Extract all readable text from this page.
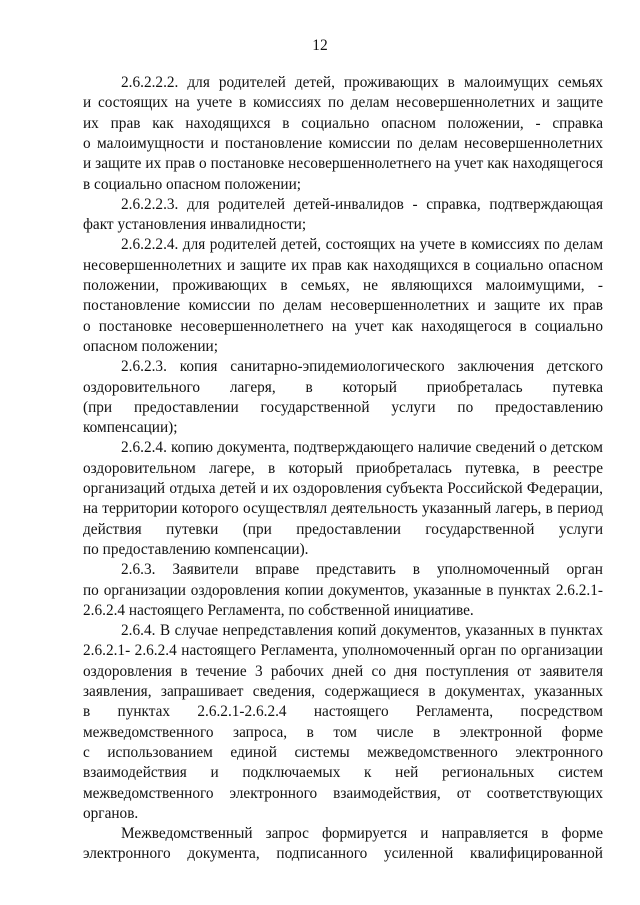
12
2.6.2.2.2. для родителей детей, проживающих в малоимущих семьях
и состоящих на учете в комиссиях по делам несовершеннолетних и защите
их прав как находящихся в социально опасном положении, - справка
о малоимущности и постановление комиссии по делам несовершеннолетних
и защите их прав о постановке несовершеннолетнего на учет как находящегося
в социально опасном положении;
2.6.2.2.3. для родителей детей-инвалидов - справка, подтверждающая
факт установления инвалидности;
2.6.2.2.4. для родителей детей, состоящих на учете в комиссиях по делам
несовершеннолетних и защите их прав как находящихся в социально опасном
положении, проживающих в семьях, не являющихся малоимущими, -
постановление комиссии по делам несовершеннолетних и защите их прав
о постановке несовершеннолетнего на учет как находящегося в социально
опасном положении;
2.6.2.3. копия санитарно-эпидемиологического заключения детского
оздоровительного лагеря, в который приобреталась путевка
(при предоставлении государственной услуги по предоставлению
компенсации);
2.6.2.4. копию документа, подтверждающего наличие сведений о детском
оздоровительном лагере, в который приобреталась путевка, в реестре
организаций отдыха детей и их оздоровления субъекта Российской Федерации,
на территории которого осуществлял деятельность указанный лагерь, в период
действия путевки (при предоставлении государственной услуги
по предоставлению компенсации).
2.6.3. Заявители вправе представить в уполномоченный орган
по организации оздоровления копии документов, указанные в пунктах 2.6.2.1-
2.6.2.4 настоящего Регламента, по собственной инициативе.
2.6.4. В случае непредставления копий документов, указанных в пунктах
2.6.2.1- 2.6.2.4 настоящего Регламента, уполномоченный орган по организации
оздоровления в течение 3 рабочих дней со дня поступления от заявителя
заявления, запрашивает сведения, содержащиеся в документах, указанных
в пунктах 2.6.2.1-2.6.2.4 настоящего Регламента, посредством
межведомственного запроса, в том числе в электронной форме
с использованием единой системы межведомственного электронного
взаимодействия и подключаемых к ней региональных систем
межведомственного электронного взаимодействия, от соответствующих
органов.
Межведомственный запрос формируется и направляется в форме
электронного документа, подписанного усиленной квалифицированной
